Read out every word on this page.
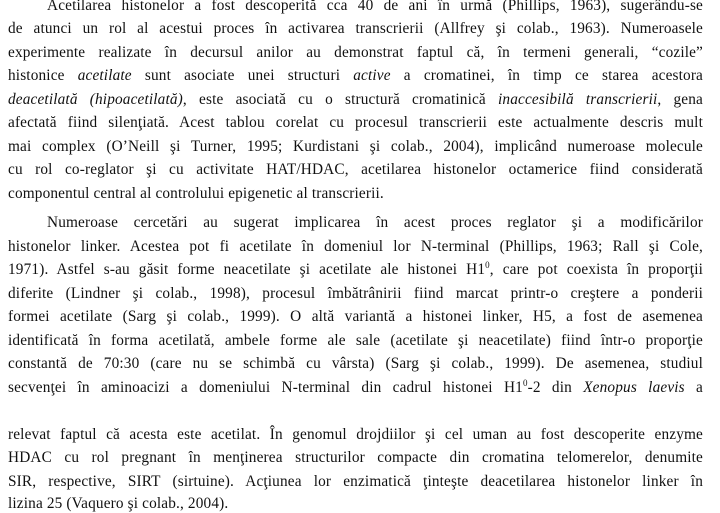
Acetilarea histonelor a fost descoperită cca 40 de ani în urmă (Phillips, 1963), sugerându-se
de atunci un rol al acestui proces în activarea transcrierii (Allfrey şi colab., 1963). Numeroasele
experimente realizate în decursul anilor au demonstrat faptul că, în termeni generali, “cozile”
histonice acetilate sunt asociate unei structuri active a cromatinei, în timp ce starea acestora
deacetilată (hipoacetilată), este asociată cu o structură cromatinică inaccesibilă transcrierii, gena
afectată fiind silenţiată. Acest tablou corelat cu procesul transcrierii este actualmente descris mult
mai complex (O’Neill şi Turner, 1995; Kurdistani şi colab., 2004), implicând numeroase molecule
cu rol co-reglator şi cu activitate HAT/HDAC, acetilarea histonelor octamerice fiind considerată
componentul central al controlului epigenetic al transcrierii.
Numeroase cercetări au sugerat implicarea în acest proces reglator şi a modificărilor
histonelor linker. Acestea pot fi acetilate în domeniul lor N-terminal (Phillips, 1963; Rall şi Cole,
1971). Astfel s-au găsit forme neacetilate şi acetilate ale histonei $H1^0$, care pot coexista în proporţii
diferite (Lindner şi colab., 1998), procesul îmbătrânirii fiind marcat printr-o creştere a ponderii
formei acetilate (Sarg şi colab., 1999). O altă variantă a histonei linker, H5, a fost de asemenea
identificată în forma acetilată, ambele forme ale sale (acetilate şi neacetilate) fiind într-o proporţie
constantă de 70:30 (care nu se schimbă cu vârsta) (Sarg şi colab., 1999). De asemenea, studiul
secvenţei în aminoacizi a domeniului N-terminal din cadrul histonei $H1^0-2$ din Xenopus laevis a
relevat faptul că acesta este acetilat. În genomul drojdiilor şi cel uman au fost descoperite enzyme
HDAC cu rol pregnant în menţinerea structurilor compacte din cromatina telomerelor, denumite
SIR, respective, SIRT (sirtuine). Acţiunea lor enzimatică ţinteşte deacetilarea histonelor linker în
lizina 25 (Vaquero şi colab., 2004).
